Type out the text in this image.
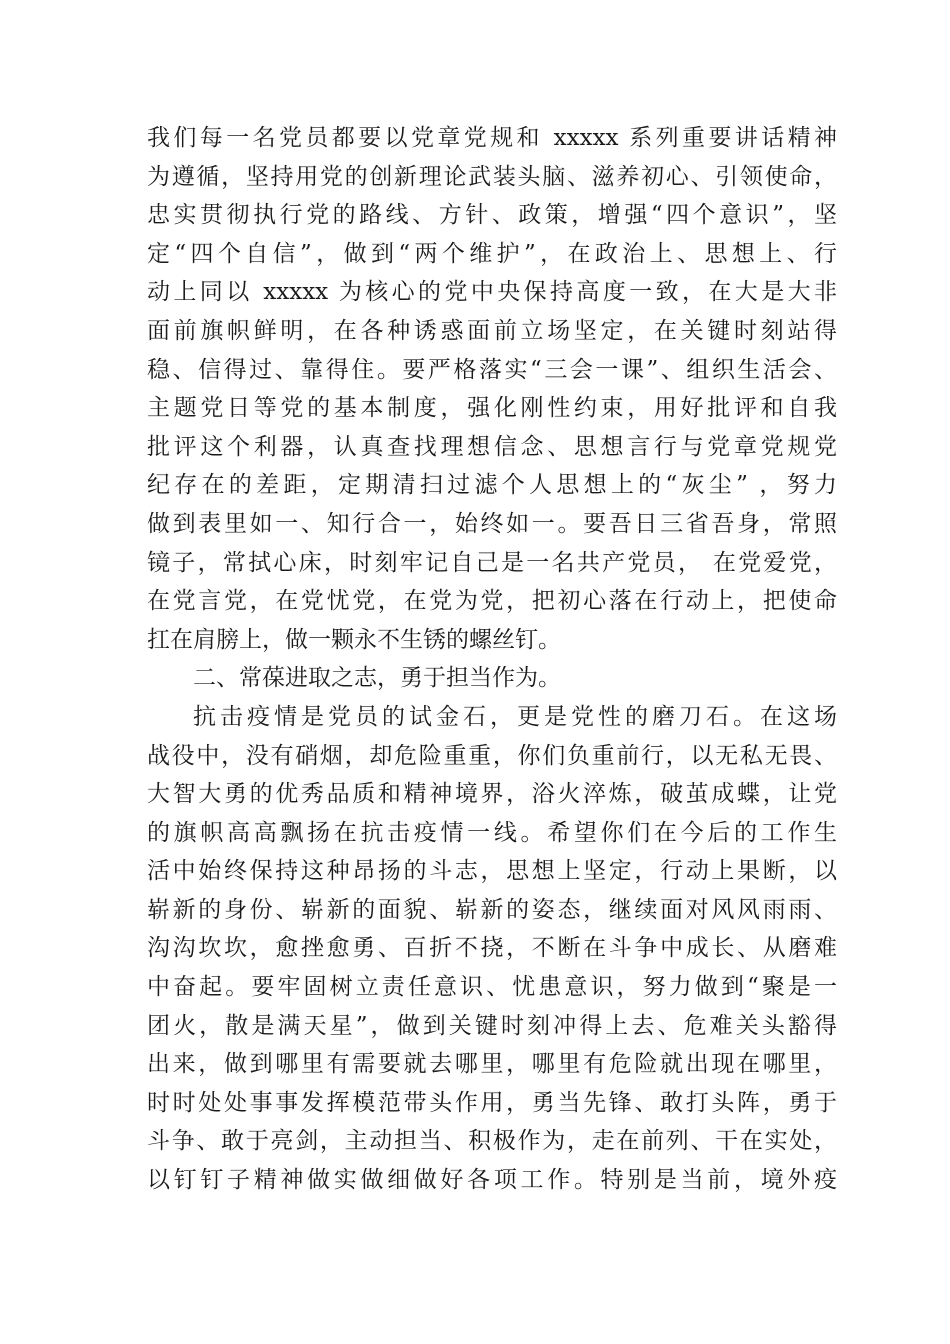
我们每一名党员都要以党章党规和 xxxxx 系列重要讲话精神
为遵循，坚持用党的创新理论武装头脑、滋养初心、引领使命，
忠实贯彻执行党的路线、方针、政策，增强“四个意识”，坚
定“四个自信”，做到“两个维护”，在政治上、思想上、行
动上同以 xxxxx 为核心的党中央保持高度一致，在大是大非
面前旗帜鲜明，在各种诱惑面前立场坚定，在关键时刻站得
稳、信得过、靠得住。要严格落实“三会一课”、组织生活会、
主题党日等党的基本制度，强化刚性约束，用好批评和自我
批评这个利器，认真查找理想信念、思想言行与党章党规党
纪存在的差距，定期清扫过滤个人思想上的“灰尘” ，努力
做到表里如一、知行合一，始终如一。要吾日三省吾身，常照
镜子，常拭心床，时刻牢记自己是一名共产党员， 在党爱党，
在党言党，在党忧党，在党为党，把初心落在行动上，把使命
扛在肩膀上，做一颗永不生锈的螺丝钉。
二、常葆进取之志，勇于担当作为。
抗击疫情是党员的试金石，更是党性的磨刀石。在这场
战役中，没有硝烟，却危险重重，你们负重前行，以无私无畏、
大智大勇的优秀品质和精神境界，浴火淬炼，破茧成蝶，让党
的旗帜高高飘扬在抗击疫情一线。希望你们在今后的工作生
活中始终保持这种昂扬的斗志，思想上坚定，行动上果断，以
崭新的身份、崭新的面貌、崭新的姿态，继续面对风风雨雨、
沟沟坎坎，愈挫愈勇、百折不挠，不断在斗争中成长、从磨难
中奋起。要牢固树立责任意识、忧患意识，努力做到“聚是一
团火，散是满天星”，做到关键时刻冲得上去、危难关头豁得
出来，做到哪里有需要就去哪里，哪里有危险就出现在哪里，
时时处处事事发挥模范带头作用，勇当先锋、敢打头阵，勇于
斗争、敢于亮剑，主动担当、积极作为，走在前列、干在实处，
以钉钉子精神做实做细做好各项工作。特别是当前，境外疫
